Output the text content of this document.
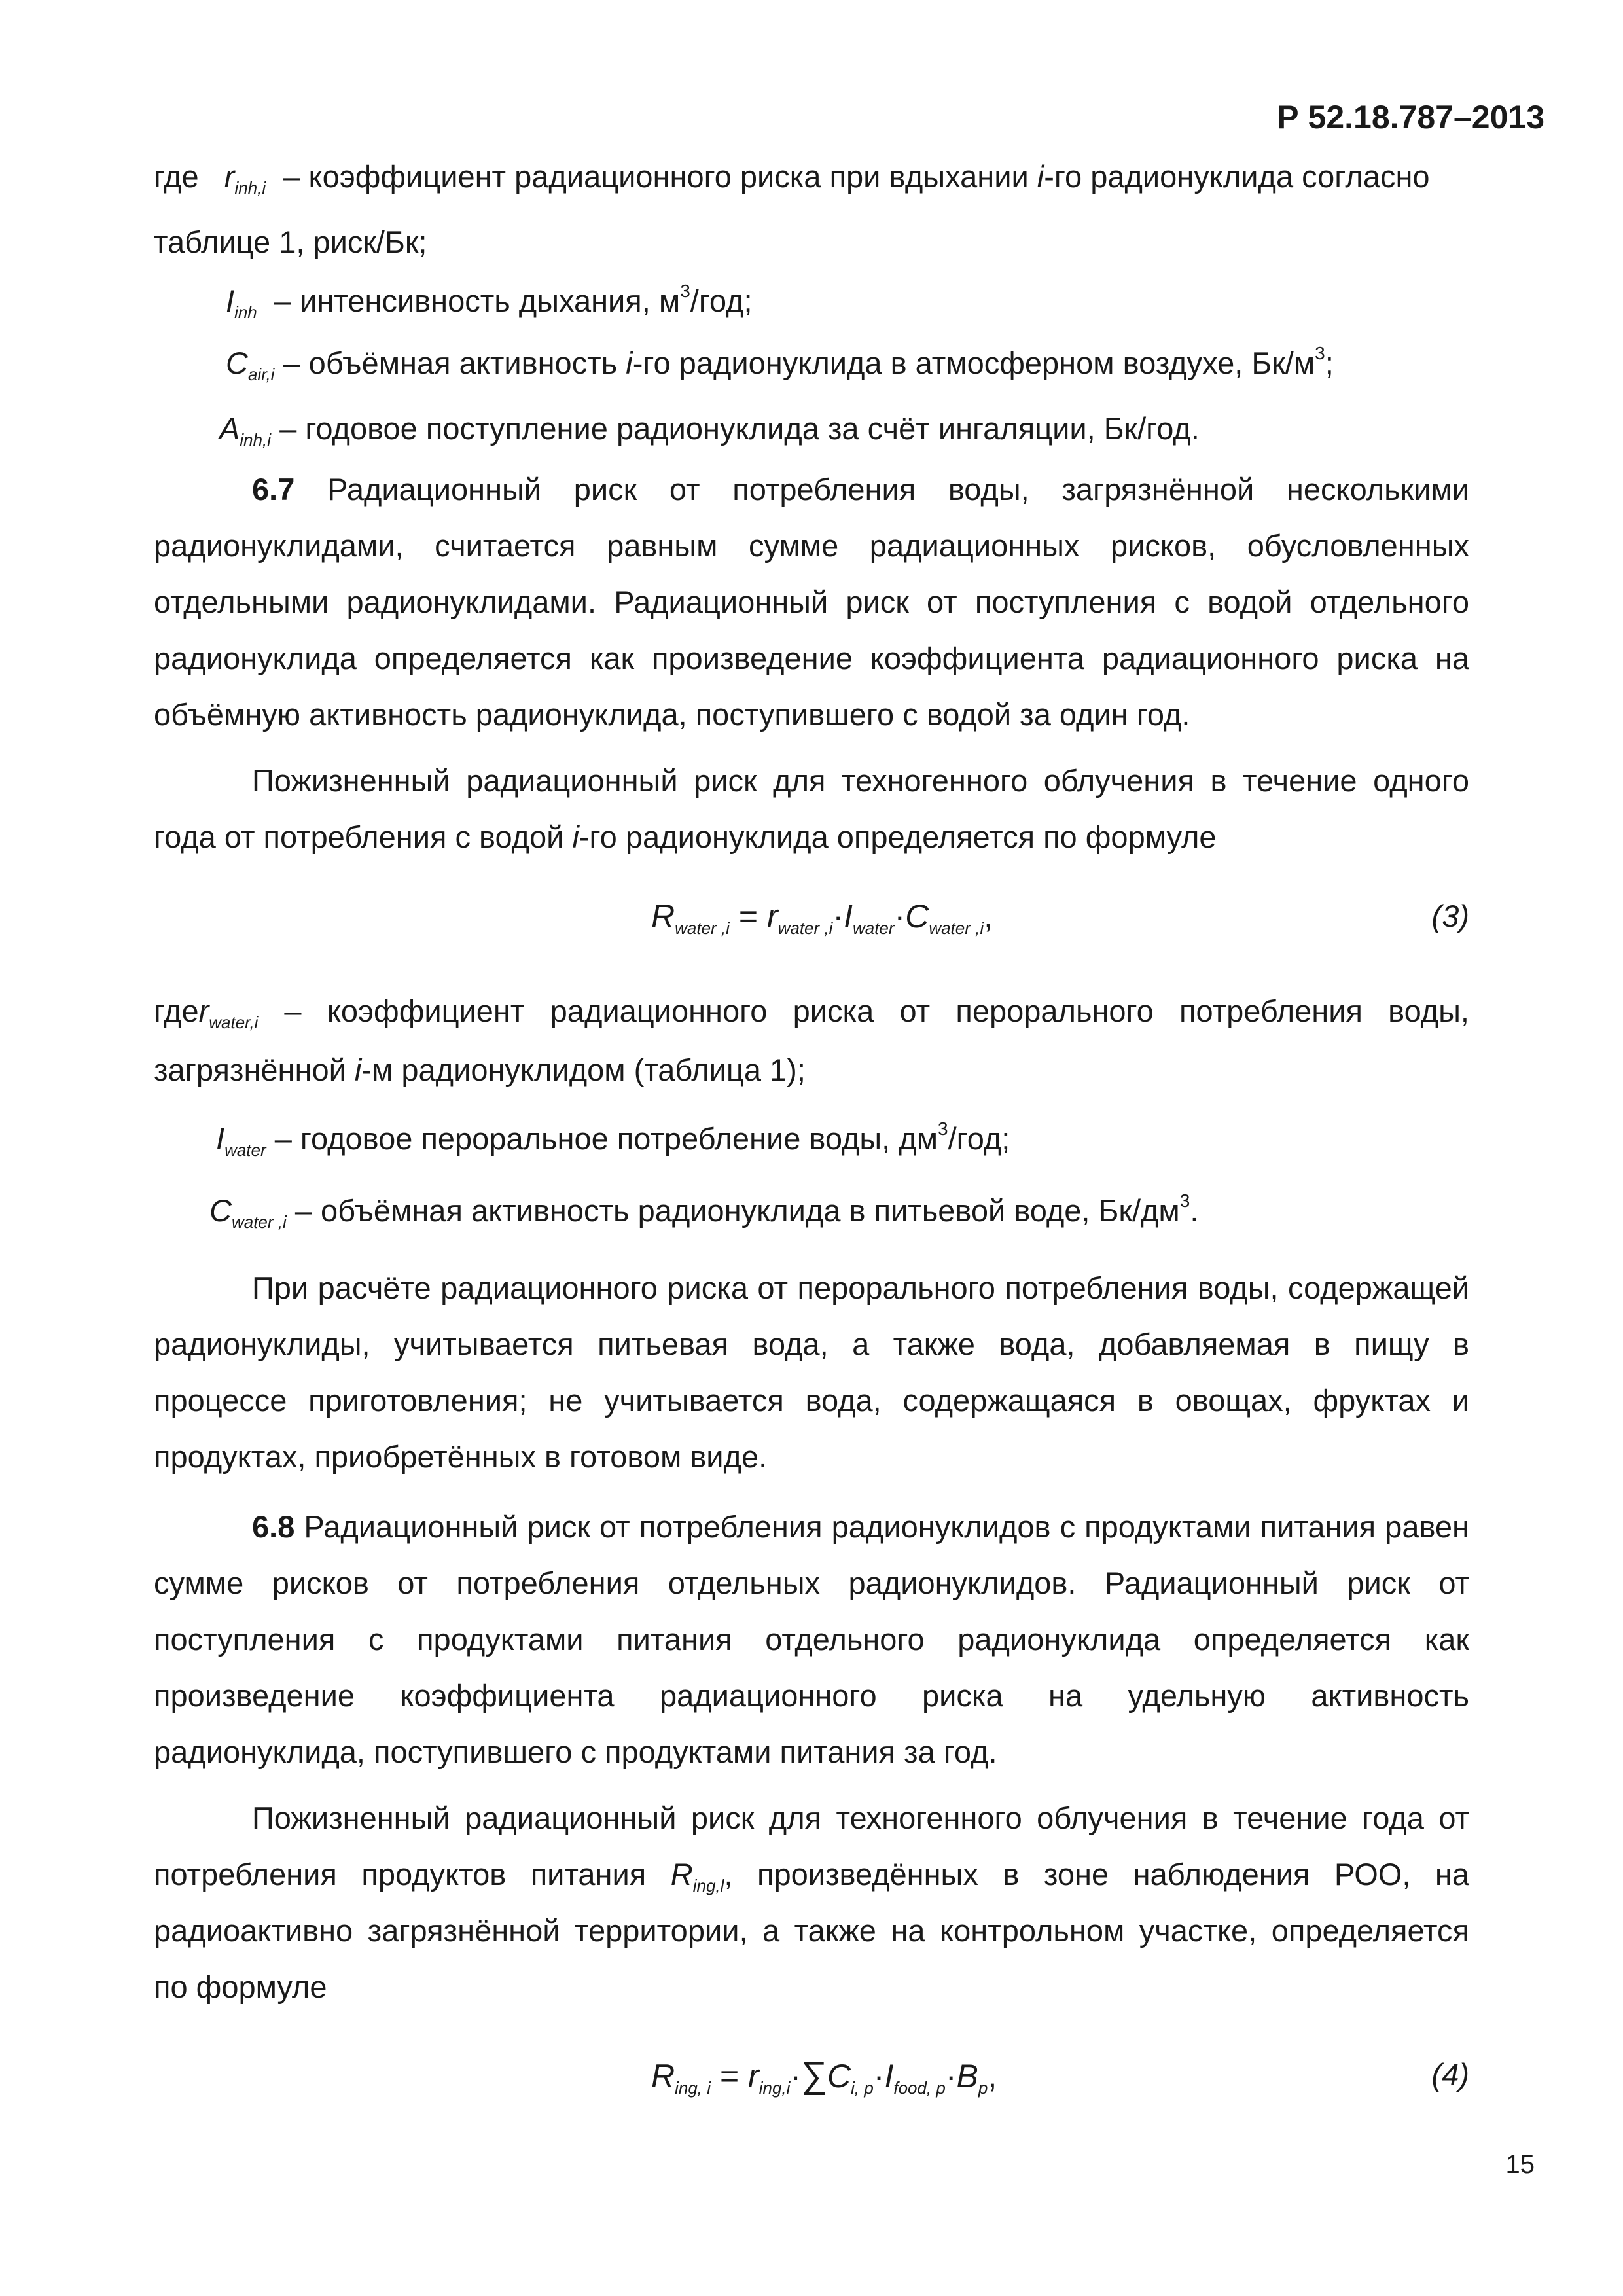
Р 52.18.787–2013
где $r_{inh,i}$ – коэффициент радиационного риска при вдыхании i-го радионуклида согласно
таблице 1, риск/Бк;
$I_{inh}$ – интенсивность дыхания, $м^3$/год;
$C_{air,i}$ – объёмная активность i-го радионуклида в атмосферном воздухе, $Бк/м^3$;
$A_{inh,i}$ – годовое поступление радионуклида за счёт ингаляции, Бк/год.
6.7 Радиационный риск от потребления воды, загрязнённой несколькими
радионуклидами, считается равным сумме радиационных рисков, обусловленных
отдельными радионуклидами. Радиационный риск от поступления с водой отдельного
радионуклида определяется как произведение коэффициента радиационного риска на
объёмную активность радионуклида, поступившего с водой за один год.
Пожизненный радиационный риск для техногенного облучения в течение одного
года от потребления с водой i-го радионуклида определяется по формуле
$R_{water ,i} = r_{water ,i}\cdot I_{water}\cdot C_{water ,i}$,	(3)
где $r_{water,i}$ – коэффициент радиационного риска от перорального потребления воды,
загрязнённой i-м радионуклидом (таблица 1);
$I_{water}$ – годовое пероральное потребление воды, $дм^3$/год;
$C_{water ,i}$ – объёмная активность радионуклида в питьевой воде, $Бк/дм^3$.
При расчёте радиационного риска от перорального потребления воды, содержащей
радионуклиды, учитывается питьевая вода, а также вода, добавляемая в пищу в
процессе приготовления; не учитывается вода, содержащаяся в овощах, фруктах и
продуктах, приобретённых в готовом виде.
6.8 Радиационный риск от потребления радионуклидов с продуктами питания равен
сумме рисков от потребления отдельных радионуклидов. Радиационный риск от
поступления с продуктами питания отдельного радионуклида определяется как
произведение коэффициента радиационного риска на удельную активность
радионуклида, поступившего с продуктами питания за год.
Пожизненный радиационный риск для техногенного облучения в течение года от
потребления продуктов питания $R_{ing,l}$, произведённых в зоне наблюдения РОО, на
радиоактивно загрязнённой территории, а также на контрольном участке, определяется
по формуле
$R_{ing, i} = r_{ing,i}\cdot\sum C_{i, p}\cdot I_{food, p}\cdot B_p$,	(4)
15
